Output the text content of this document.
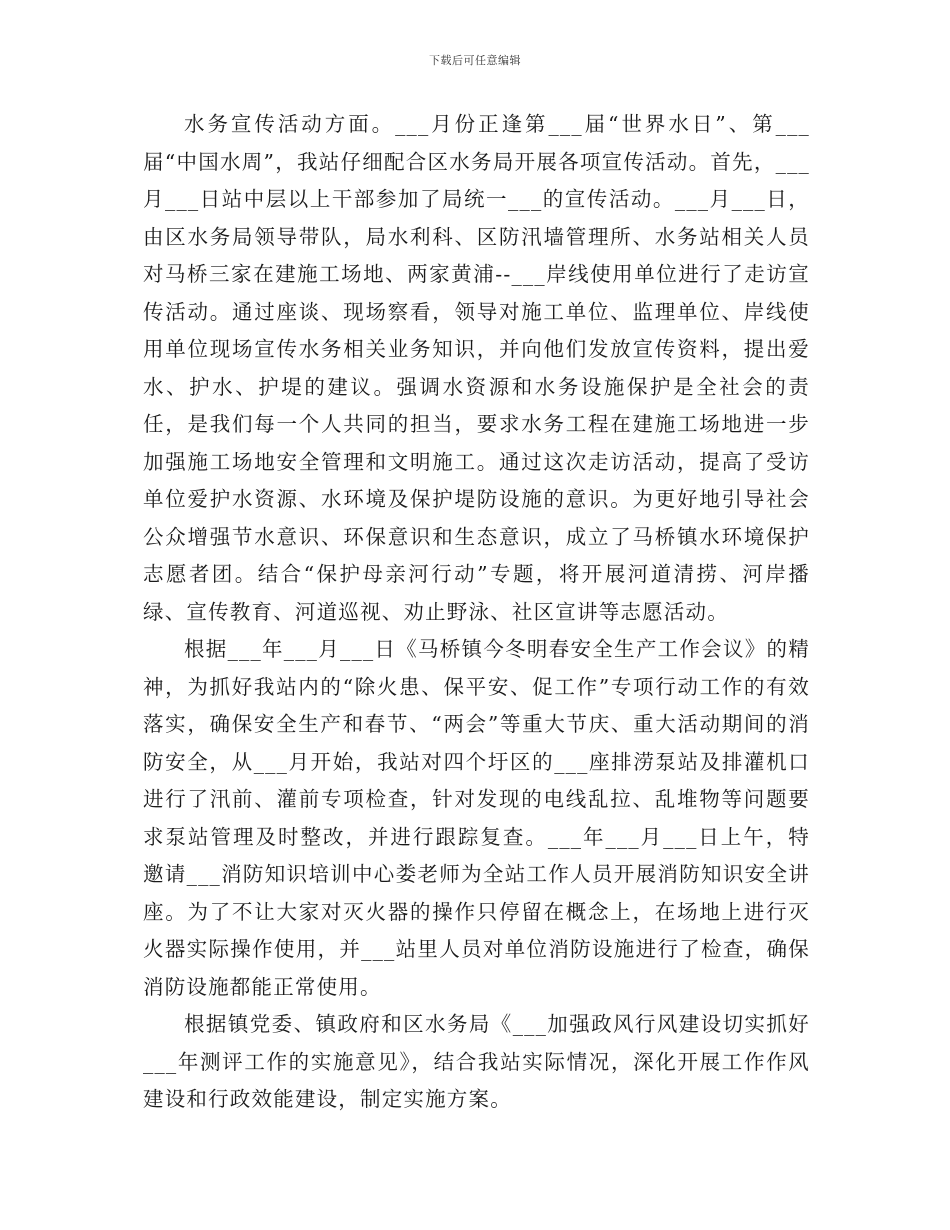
下载后可任意编辑

水务宣传活动方面。___月份正逢第___届“世界水日”、第___届“中国水周”，我站仔细配合区水务局开展各项宣传活动。首先，___月___日站中层以上干部参加了局统一___的宣传活动。___月___日，由区水务局领导带队，局水利科、区防汛墙管理所、水务站相关人员对马桥三家在建施工场地、两家黄浦--___岸线使用单位进行了走访宣传活动。通过座谈、现场察看，领导对施工单位、监理单位、岸线使用单位现场宣传水务相关业务知识，并向他们发放宣传资料，提出爱水、护水、护堤的建议。强调水资源和水务设施保护是全社会的责任，是我们每一个人共同的担当，要求水务工程在建施工场地进一步加强施工场地安全管理和文明施工。通过这次走访活动，提高了受访单位爱护水资源、水环境及保护堤防设施的意识。为更好地引导社会公众增强节水意识、环保意识和生态意识，成立了马桥镇水环境保护志愿者团。结合“保护母亲河行动”专题，将开展河道清捞、河岸播绿、宣传教育、河道巡视、劝止野泳、社区宣讲等志愿活动。

根据___年___月___日《马桥镇今冬明春安全生产工作会议》的精神，为抓好我站内的“除火患、保平安、促工作”专项行动工作的有效落实，确保安全生产和春节、“两会”等重大节庆、重大活动期间的消防安全，从___月开始，我站对四个圩区的___座排涝泵站及排灌机口进行了汛前、灌前专项检查，针对发现的电线乱拉、乱堆物等问题要求泵站管理及时整改，并进行跟踪复查。___年___月___日上午，特邀请___消防知识培训中心娄老师为全站工作人员开展消防知识安全讲座。为了不让大家对灭火器的操作只停留在概念上，在场地上进行灭火器实际操作使用，并___站里人员对单位消防设施进行了检查，确保消防设施都能正常使用。

根据镇党委、镇政府和区水务局《___加强政风行风建设切实抓好___年测评工作的实施意见》，结合我站实际情况，深化开展工作作风建设和行政效能建设，制定实施方案。
